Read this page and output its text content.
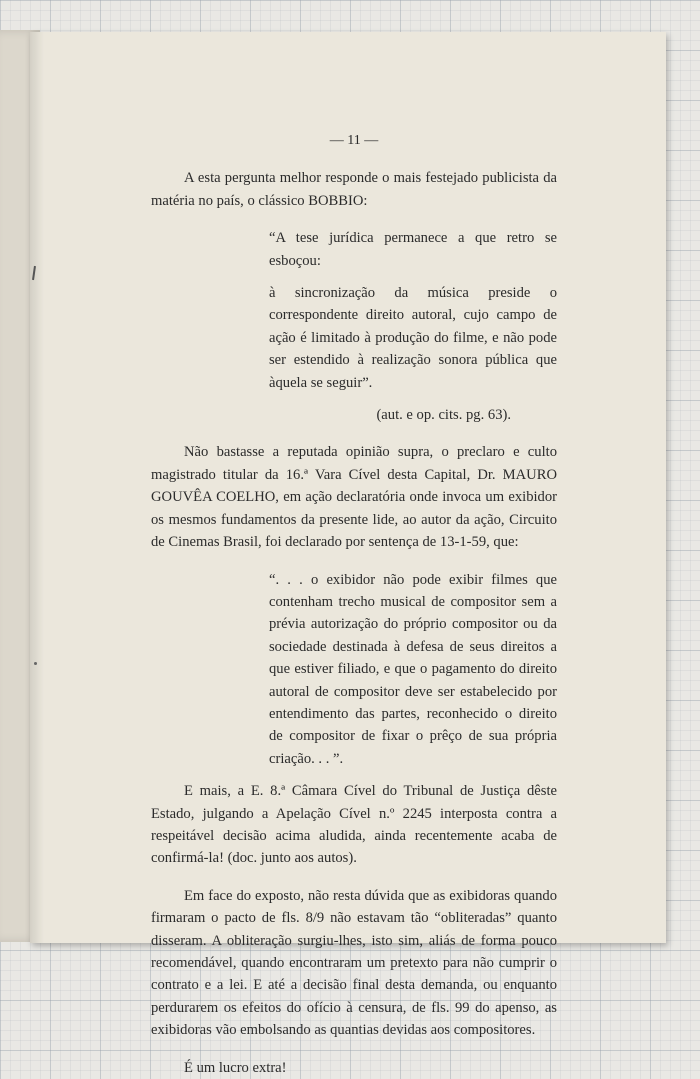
— 11 —

A esta pergunta melhor responde o mais festejado publicista da matéria no país, o clássico BOBBIO:

“A tese jurídica permanece a que retro se esboçou:

à sincronização da música preside o correspondente direito autoral, cujo campo de ação é limitado à produção do filme, e não pode ser estendido à realização sonora pública que àquela se seguir”.

(aut. e op. cits. pg. 63).

Não bastasse a reputada opinião supra, o preclaro e culto magistrado titular da 16.ª Vara Cível desta Capital, Dr. MAURO GOUVÊA COELHO, em ação declaratória onde invoca um exibidor os mesmos fundamentos da presente lide, ao autor da ação, Circuito de Cinemas Brasil, foi declarado por sentença de 13-1-59, que:

“. . . o exibidor não pode exibir filmes que contenham trecho musical de compositor sem a prévia autorização do próprio compositor ou da sociedade destinada à defesa de seus direitos a que estiver filiado, e que o pagamento do direito autoral de compositor deve ser estabelecido por entendimento das partes, reconhecido o direito de compositor de fixar o prêço de sua própria criação. . . ”.

E mais, a E. 8.ª Câmara Cível do Tribunal de Justiça dêste Estado, julgando a Apelação Cível n.º 2245 interposta contra a respeitável decisão acima aludida, ainda recentemente acaba de confirmá-la! (doc. junto aos autos).

Em face do exposto, não resta dúvida que as exibidoras quando firmaram o pacto de fls. 8/9 não estavam tão “obliteradas” quanto disseram. A obliteração surgiu-lhes, isto sim, aliás de forma pouco recomendável, quando encontraram um pretexto para não cumprir o contrato e a lei. E até a decisão final desta demanda, ou enquanto perdurarem os efeitos do ofício à censura, de fls. 99 do apenso, as exibidoras vão embolsando as quantias devidas aos compositores.

É um lucro extra!
